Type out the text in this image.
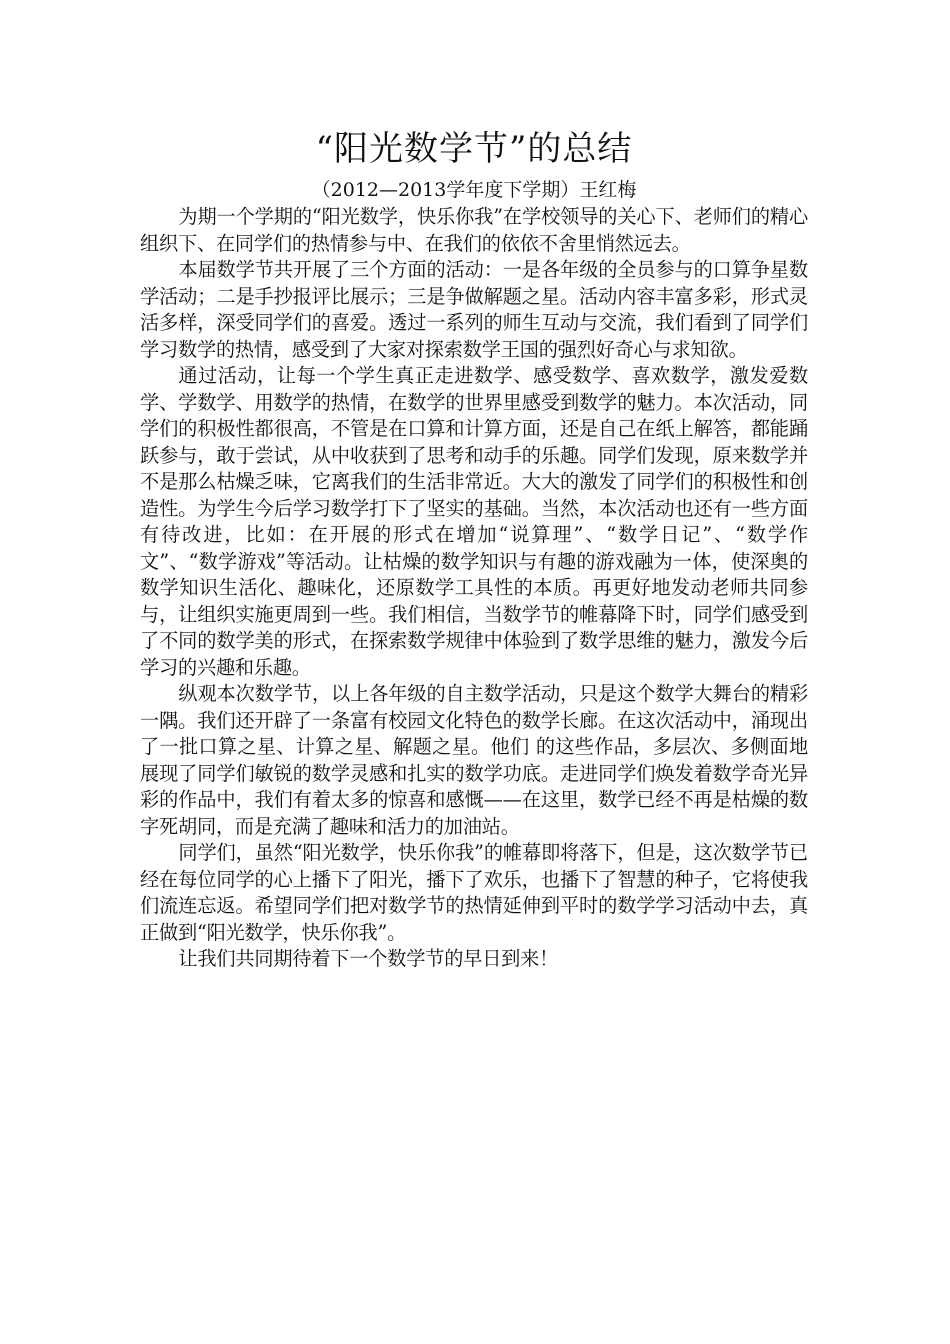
“阳光数学节”的总结

（2012—2013学年度下学期）王红梅

为期一个学期的“阳光数学，快乐你我”在学校领导的关心下、老师们的精心组织下、在同学们的热情参与中、在我们的依依不舍里悄然远去。

本届数学节共开展了三个方面的活动：一是各年级的全员参与的口算争星数学活动；二是手抄报评比展示；三是争做解题之星。活动内容丰富多彩，形式灵活多样，深受同学们的喜爱。透过一系列的师生互动与交流，我们看到了同学们学习数学的热情，感受到了大家对探索数学王国的强烈好奇心与求知欲。

通过活动，让每一个学生真正走进数学、感受数学、喜欢数学，激发爱数学、学数学、用数学的热情，在数学的世界里感受到数学的魅力。本次活动，同学们的积极性都很高，不管是在口算和计算方面，还是自己在纸上解答，都能踊跃参与，敢于尝试，从中收获到了思考和动手的乐趣。同学们发现，原来数学并不是那么枯燥乏味，它离我们的生活非常近。大大的激发了同学们的积极性和创造性。为学生今后学习数学打下了坚实的基础。当然，本次活动也还有一些方面有待改进，比如：在开展的形式在增加“说算理”、“数学日记”、“数学作文”、“数学游戏”等活动。让枯燥的数学知识与有趣的游戏融为一体，使深奥的数学知识生活化、趣味化，还原数学工具性的本质。再更好地发动老师共同参与，让组织实施更周到一些。我们相信，当数学节的帷幕降下时，同学们感受到了不同的数学美的形式，在探索数学规律中体验到了数学思维的魅力，激发今后学习的兴趣和乐趣。

纵观本次数学节，以上各年级的自主数学活动，只是这个数学大舞台的精彩一隅。我们还开辟了一条富有校园文化特色的数学长廊。在这次活动中，涌现出了一批口算之星、计算之星、解题之星。他们 的这些作品，多层次、多侧面地展现了同学们敏锐的数学灵感和扎实的数学功底。走进同学们焕发着数学奇光异彩的作品中，我们有着太多的惊喜和感慨——在这里，数学已经不再是枯燥的数字死胡同，而是充满了趣味和活力的加油站。

同学们，虽然“阳光数学，快乐你我”的帷幕即将落下，但是，这次数学节已经在每位同学的心上播下了阳光，播下了欢乐，也播下了智慧的种子，它将使我们流连忘返。希望同学们把对数学节的热情延伸到平时的数学学习活动中去，真正做到“阳光数学，快乐你我”。

让我们共同期待着下一个数学节的早日到来！
